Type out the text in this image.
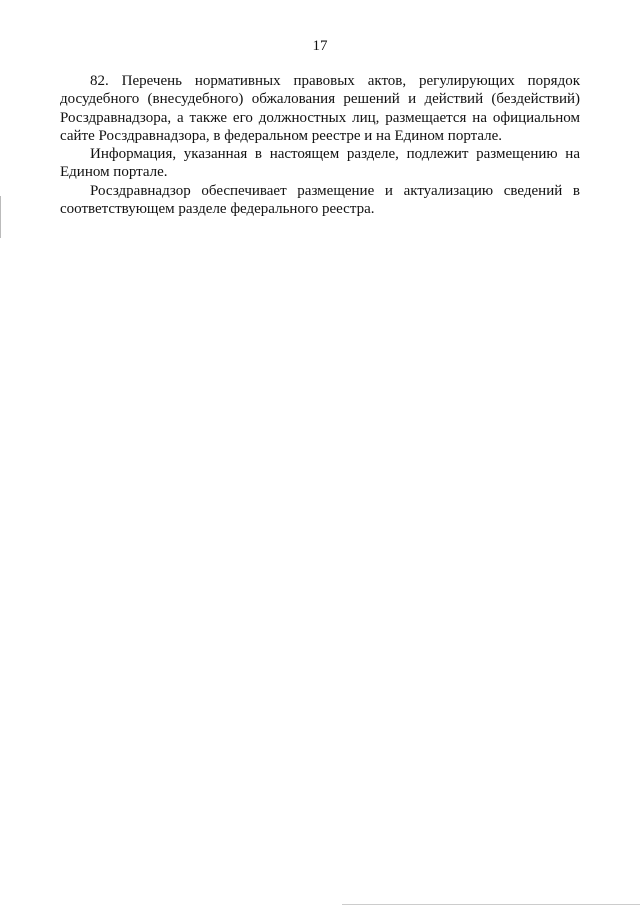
17

82. Перечень нормативных правовых актов, регулирующих порядок досудебного (внесудебного) обжалования решений и действий (бездействий) Росздравнадзора, а также его должностных лиц, размещается на официальном сайте Росздравнадзора, в федеральном реестре и на Едином портале.

Информация, указанная в настоящем разделе, подлежит размещению на Едином портале.

Росздравнадзор обеспечивает размещение и актуализацию сведений в соответствующем разделе федерального реестра.
